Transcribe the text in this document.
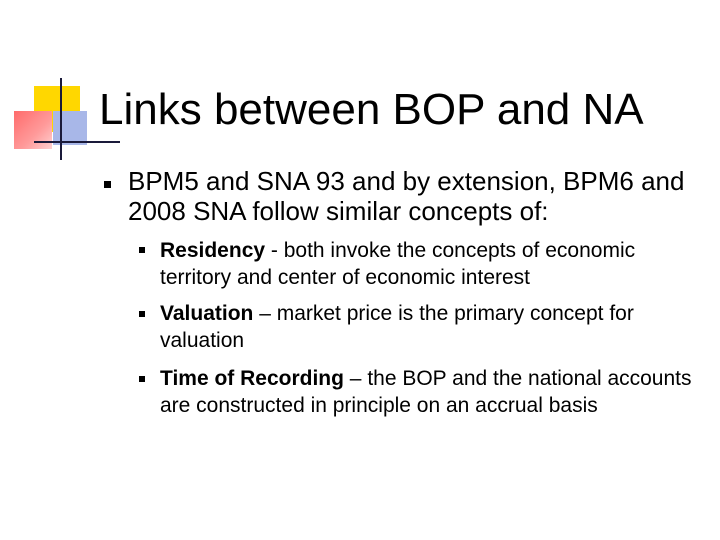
Links between BOP and NA

BPM5 and SNA 93 and by extension, BPM6 and 2008 SNA follow similar concepts of:

Residency - both invoke the concepts of economic territory and center of economic interest

Valuation – market price is the primary concept for valuation

Time of Recording – the BOP and the national accounts are constructed in principle on an accrual basis
